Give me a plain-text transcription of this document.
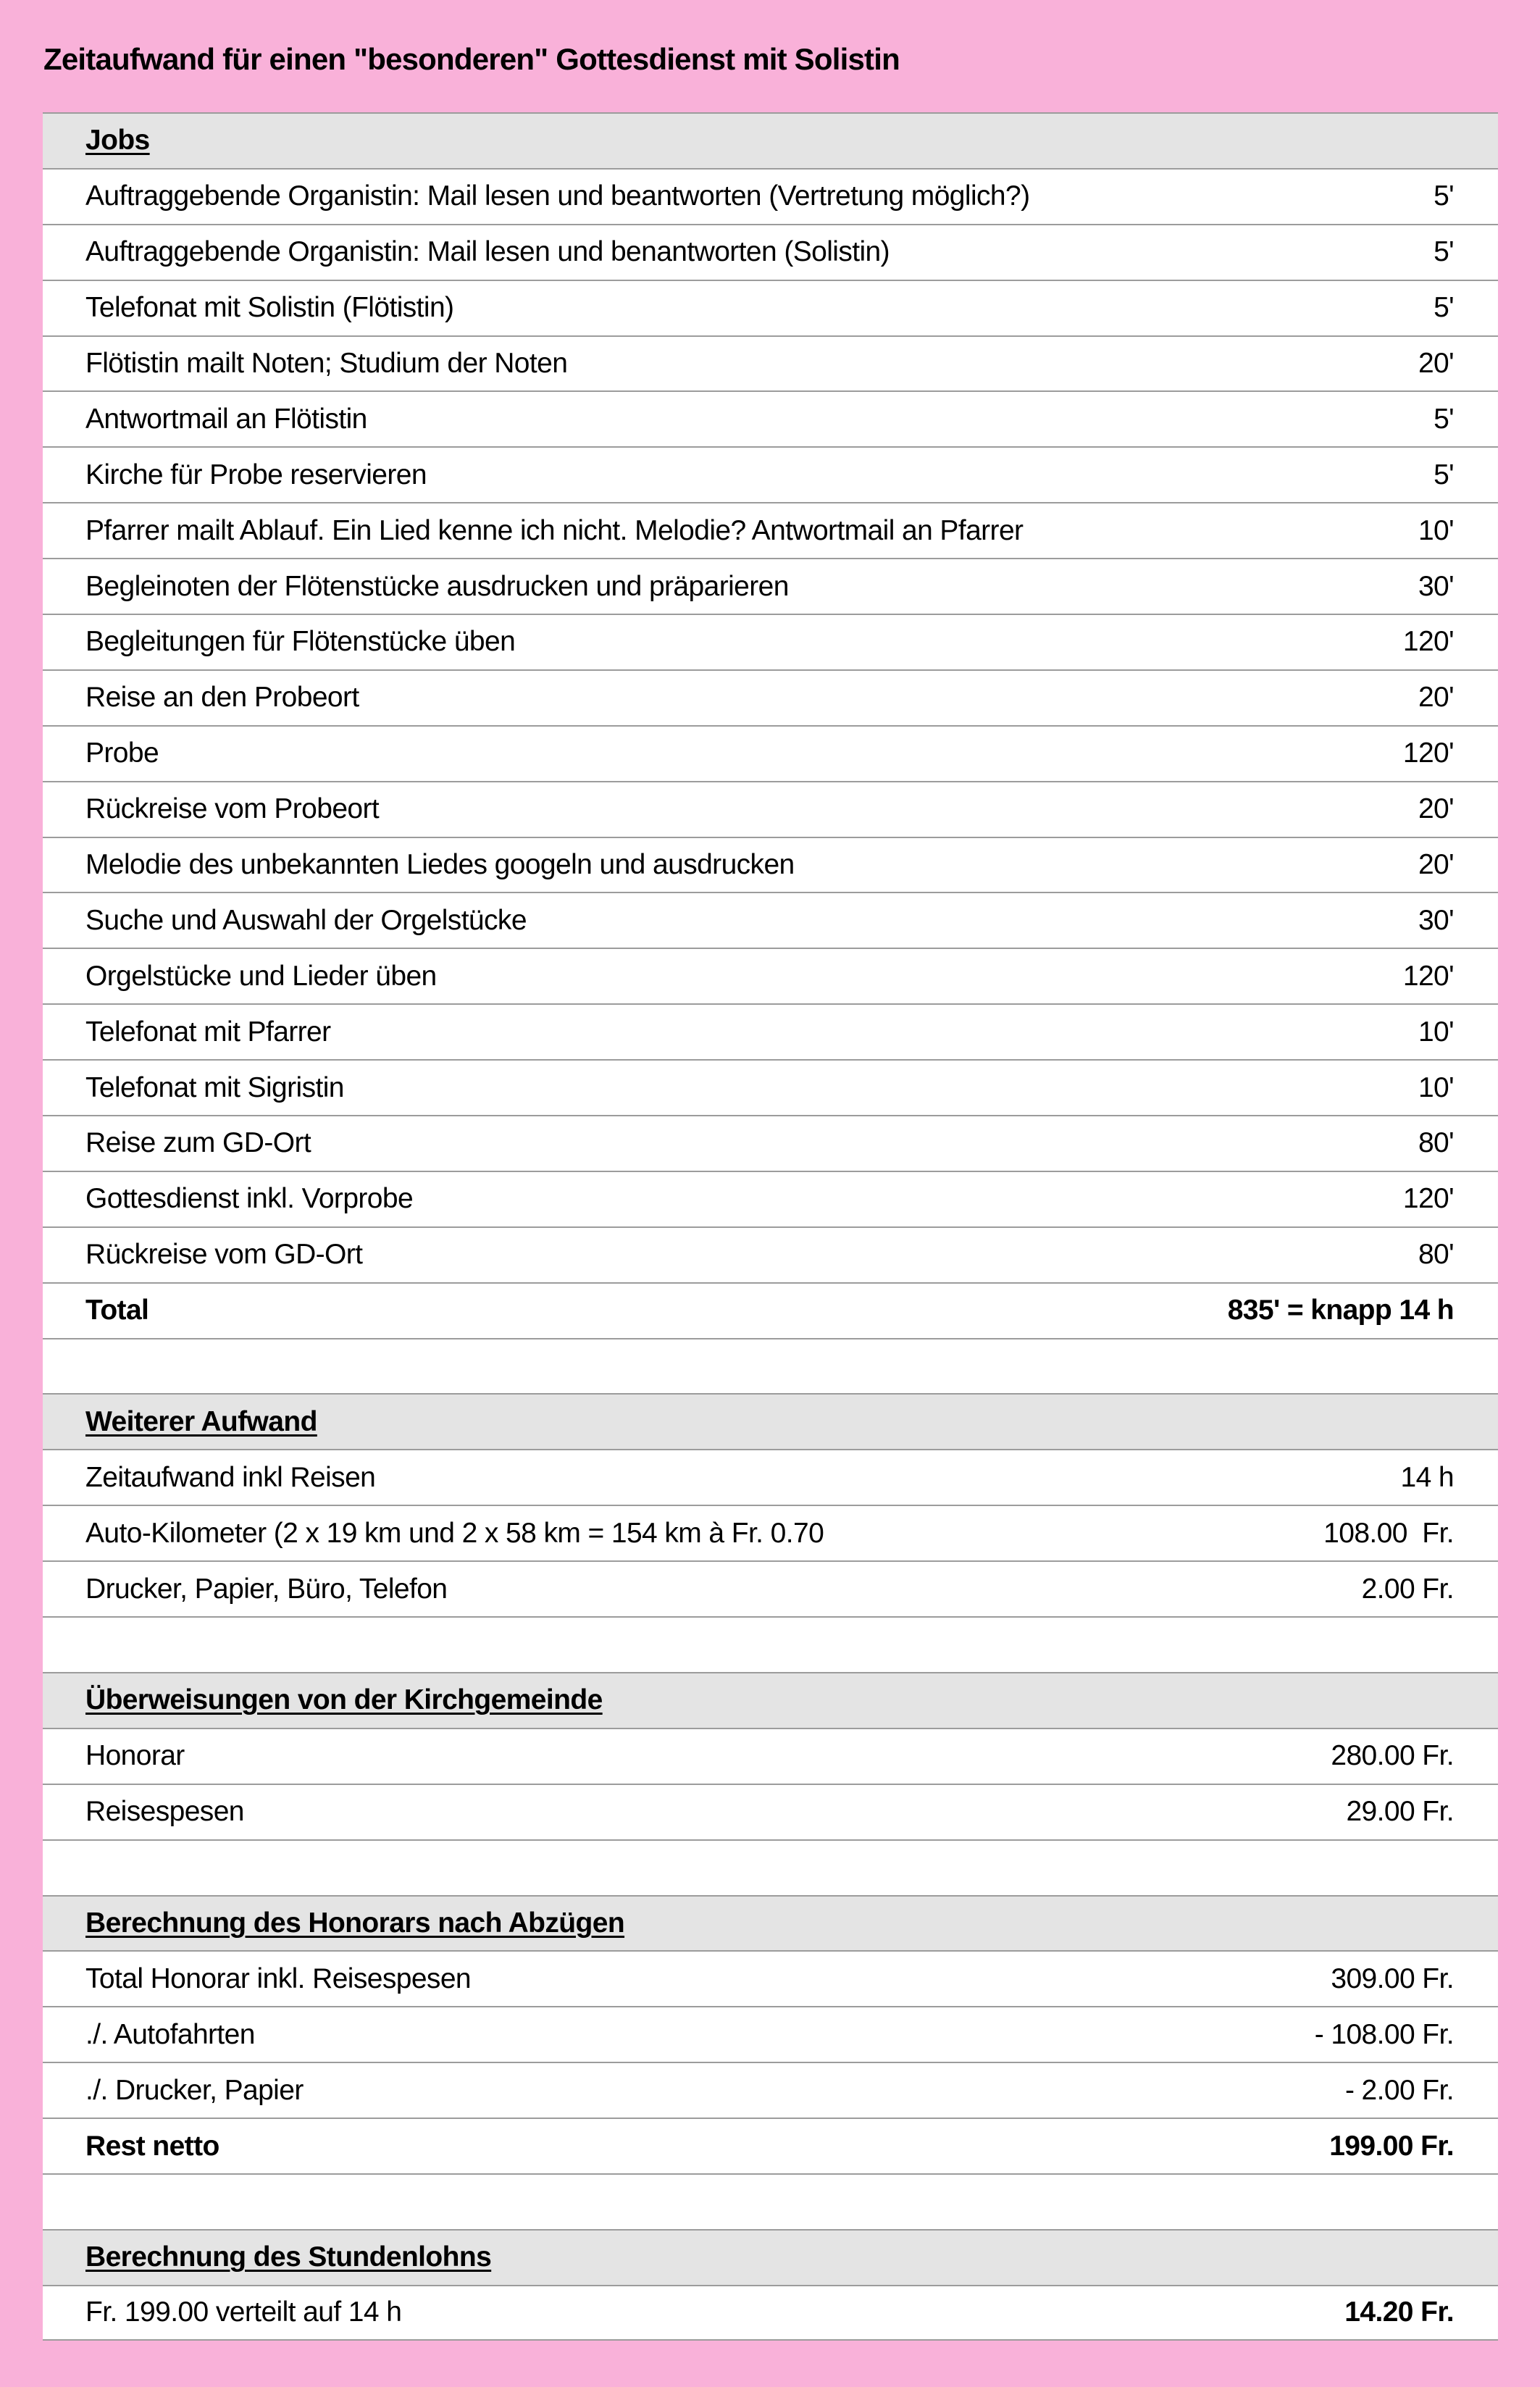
Zeitaufwand für einen "besonderen" Gottesdienst mit Solistin
Jobs
Auftraggebende Organistin: Mail lesen und beantworten (Vertretung möglich?)	5'
Auftraggebende Organistin: Mail lesen und benantworten (Solistin)	5'
Telefonat mit Solistin (Flötistin)	5'
Flötistin mailt Noten; Studium der Noten	20'
Antwortmail an Flötistin	5'
Kirche für Probe reservieren	5'
Pfarrer mailt Ablauf. Ein Lied kenne ich nicht. Melodie? Antwortmail an Pfarrer	10'
Begleinoten der Flötenstücke ausdrucken und präparieren	30'
Begleitungen für Flötenstücke üben	120'
Reise an den Probeort	20'
Probe	120'
Rückreise vom Probeort	20'
Melodie des unbekannten Liedes googeln und ausdrucken	20'
Suche und Auswahl der Orgelstücke	30'
Orgelstücke und Lieder üben	120'
Telefonat mit Pfarrer	10'
Telefonat mit Sigristin	10'
Reise zum GD-Ort	80'
Gottesdienst inkl. Vorprobe	120'
Rückreise vom GD-Ort	80'
Total	835' = knapp 14 h
Weiterer Aufwand
Zeitaufwand inkl Reisen	14 h
Auto-Kilometer (2 x 19 km und 2 x 58 km = 154 km à Fr. 0.70	108.00  Fr.
Drucker, Papier, Büro, Telefon	2.00 Fr.
Überweisungen von der Kirchgemeinde
Honorar	280.00 Fr.
Reisespesen	29.00 Fr.
Berechnung des Honorars nach Abzügen
Total Honorar inkl. Reisespesen	309.00 Fr.
./. Autofahrten	- 108.00 Fr.
./. Drucker, Papier	- 2.00 Fr.
Rest netto	199.00 Fr.
Berechnung des Stundenlohns
Fr. 199.00 verteilt auf 14 h	14.20 Fr.
